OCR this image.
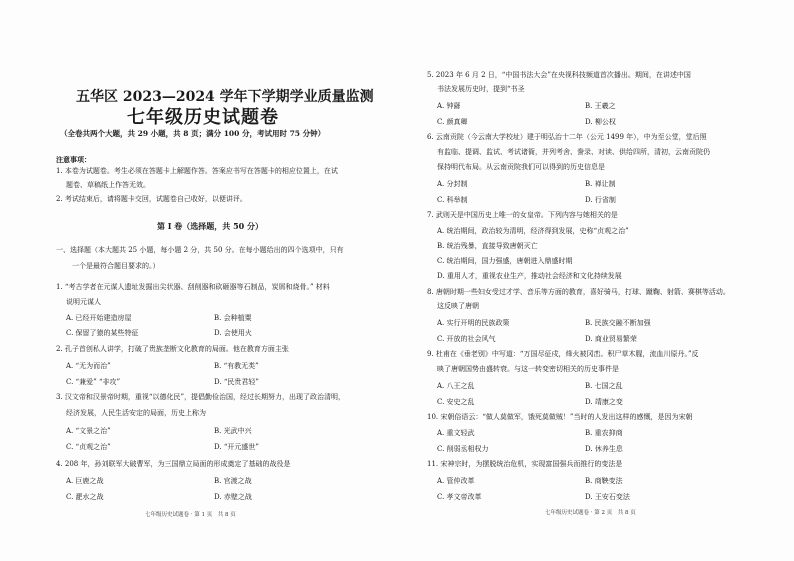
五华区 2023—2024 学年下学期学业质量监测
七年级历史试题卷
（全卷共两个大题，共 29 小题，共 8 页；满分 100 分，考试用时 75 分钟）
注意事项：
1. 本卷为试题卷。考生必须在答题卡上解题作答。答案应书写在答题卡的相应位置上，在试
题卷、草稿纸上作答无效。
2. 考试结束后，请将题卡交回，试题卷自己收好，以便讲评。
第 I 卷（选择题，共 50 分）
一、选择题（本大题共 25 小题，每小题 2 分，共 50 分。在每小题给出的四个选项中，只有
一个是最符合题目要求的。）
1. “考古学者在元谋人遗址发掘出尖状器、刮削器和砍砸器等石制品，炭屑和烧骨。” 材料
说明元谋人
A. 已经开始建造房屋	B. 会种植粟
C. 保留了猿的某些特征	D. 会使用火
2. 孔子首创私人讲学，打破了贵族垄断文化教育的局面。他在教育方面主张
A. “无为而治”	B. “有教无类”
C. “兼爱” “非攻”	D. “民贵君轻”
3. 汉文帝和汉景帝时期，重视“以德化民”，提倡勤俭治国，经过长期努力，出现了政治清明，
经济发展，人民生活安定的局面，历史上称为
A. “文景之治”	B. 光武中兴
C. “贞观之治”	D. “开元盛世”
4. 208 年，孙刘联军大破曹军，为三国鼎立局面的形成奠定了基础的战役是
A. 巨鹿之战	B. 官渡之战
C. 淝水之战	D. 赤壁之战
七年级历史试题卷 · 第 1 页　共 8 页
5. 2023 年 6 月 2 日，“中国书法大会”在央视科技频道首次播出。期间，在讲述中国
书法发展历史时，提到“书圣
A. 钟繇	B. 王羲之
C. 颜真卿	D. 柳公权
6. 云南贡院（今云南大学校址）建于明弘治十二年（公元 1499 年），中为至公堂，堂后照
有监临、提调、监试、考试诸衙，并列考舍、誊录、对读、供给四所，清初，云南贡院仍
保持明代布局。从云南贡院我们可以得到的历史信息是
A. 分封制	B. 禅让制
C. 科举制	D. 行省制
7. 武则天是中国历史上唯一的女皇帝。下列内容与她相关的是
A. 统治期间，政治较为清明，经济得到发展，史称“贞观之治”
B. 统治残暴，直接导致唐朝灭亡
C. 统治期间，国力强盛，唐朝进入鼎盛时期
D. 重用人才，重视农业生产，推动社会经济和文化持续发展
8. 唐朝时期一些妇女受过才学、音乐等方面的教育，喜好骑马，打球、蹴鞠、射箭、赛棋等活动。
这反映了唐朝
A. 实行开明的民族政策	B. 民族交融不断加强
C. 开放的社会风气	D. 商业贸易繁荣
9. 杜甫在《垂老别》中写道：“万国尽征戍，烽火被冈峦。积尸草木腥，流血川原丹。”反
映了唐朝国势由盛转衰。与这一转变密切相关的历史事件是
A. 八王之乱	B. 七国之乱
C. 安史之乱	D. 靖康之变
10. 宋朝俗语云：“做人莫做军，饿死莫做贼！”当时的人发出这样的感慨，是因为宋朝
A. 重文轻武	B. 重农抑商
C. 削弱丞相权力	D. 休养生息
11. 宋神宗时，为摆脱统治危机，实现富国强兵而推行的变法是
A. 管仲改革	B. 商鞅变法
C. 孝文帝改革	D. 王安石变法
七年级历史试题卷 · 第 2 页　共 8 页
